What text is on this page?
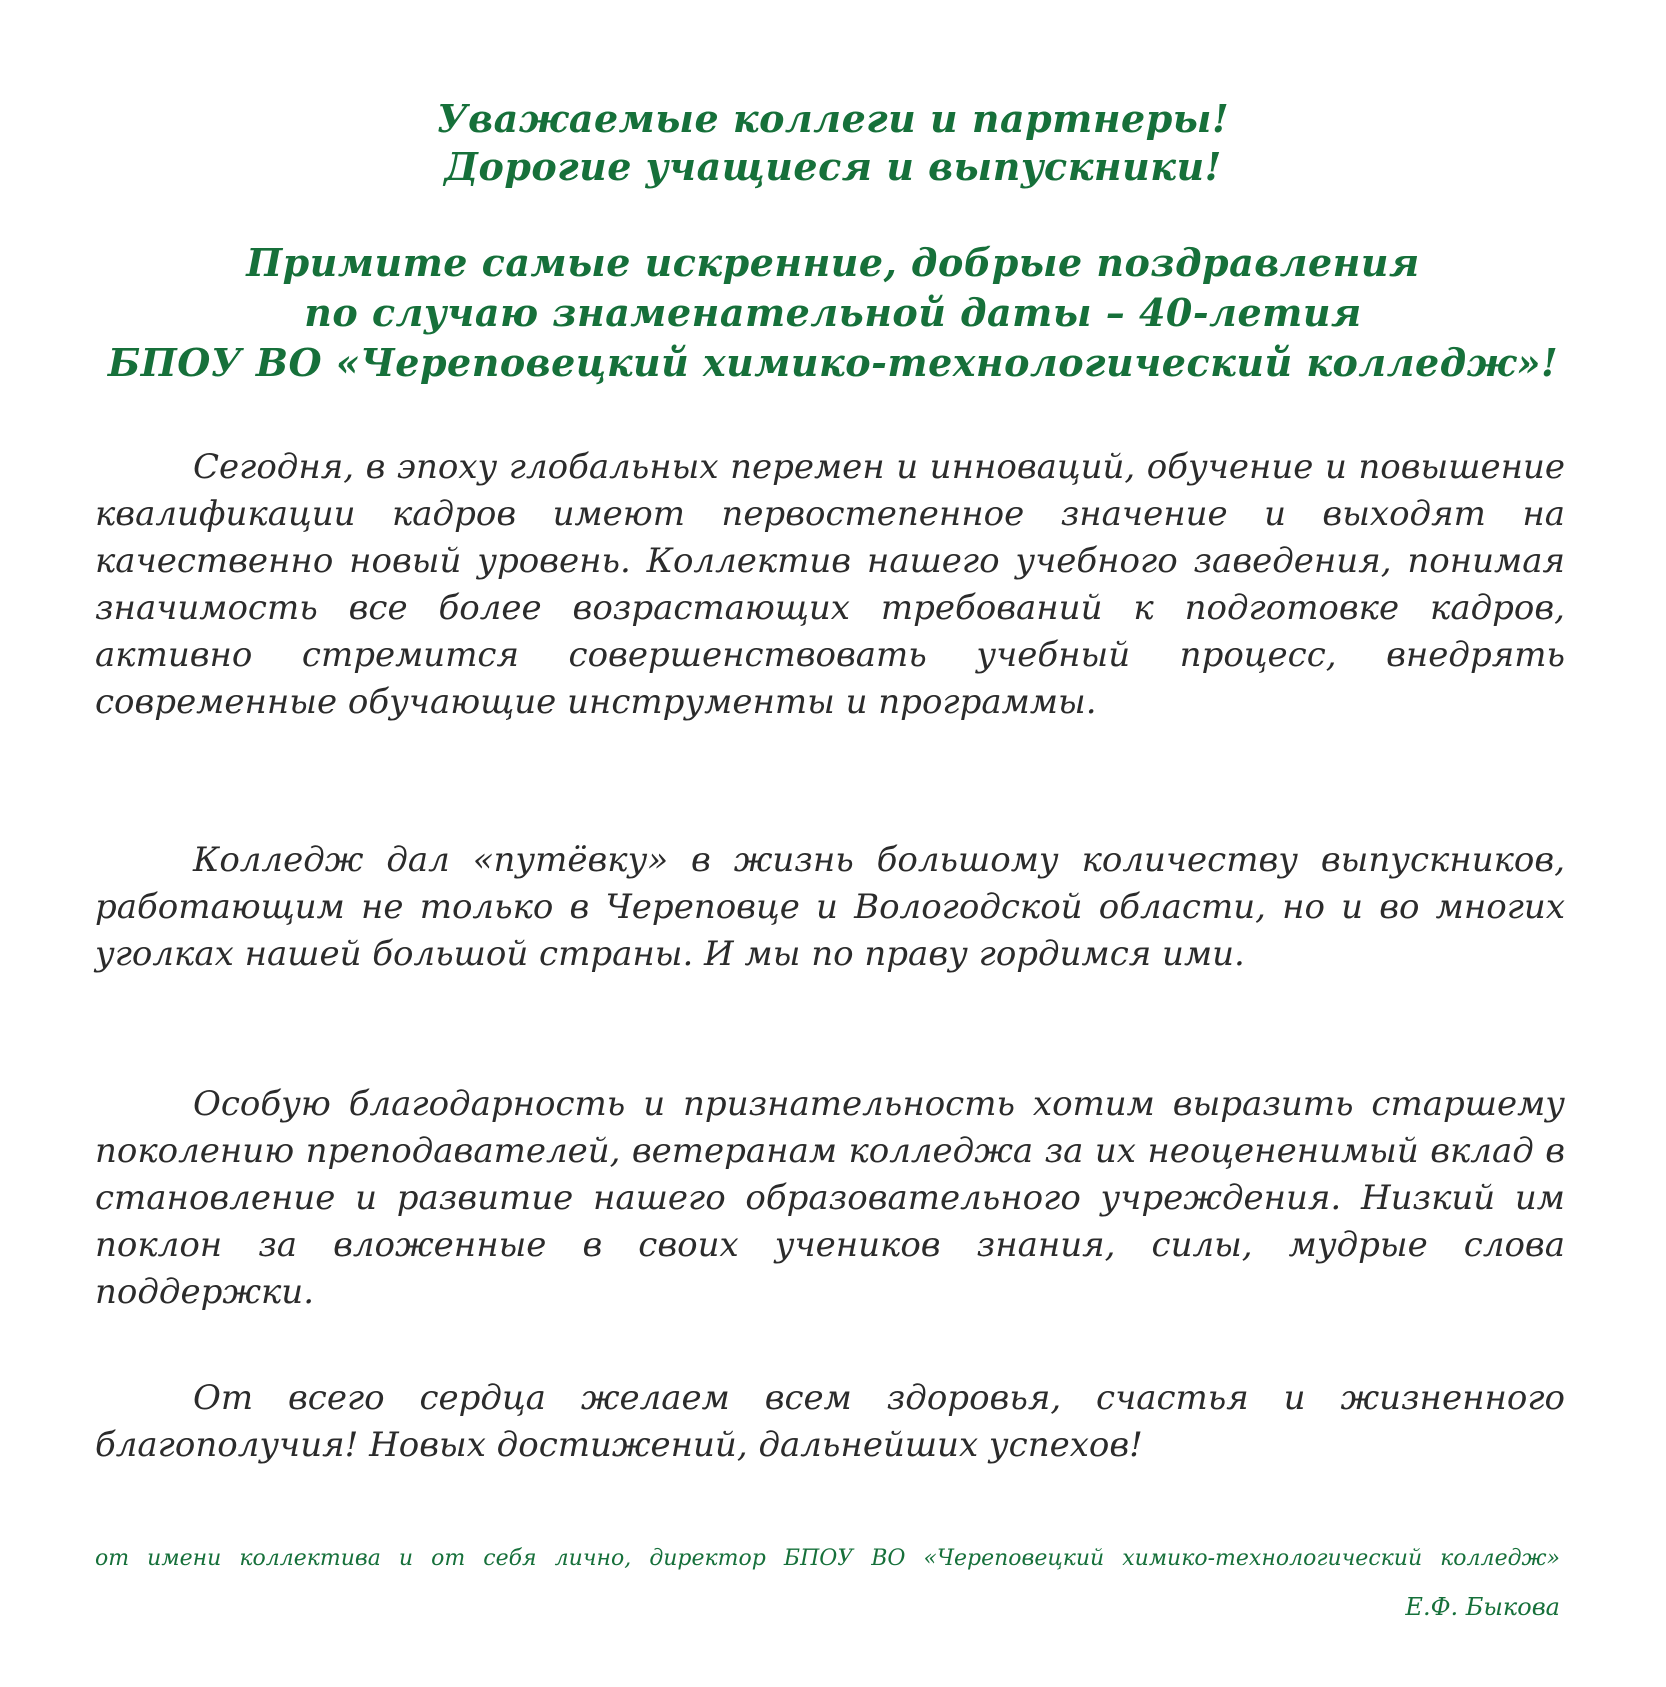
Уважаемые коллеги и партнеры!
Дорогие учащиеся и выпускники!
Примите самые искренние, добрые поздравления
по случаю знаменательной даты – 40-летия
БПОУ ВО «Череповецкий химико-технологический колледж»!

Сегодня, в эпоху глобальных перемен и инноваций, обучение и повышение квалификации кадров имеют первостепенное значение и выходят на качественно новый уровень. Коллектив нашего учебного заведения, понимая значимость все более возрастающих требований к подготовке кадров, активно стремится совершенствовать учебный процесс, внедрять современные обучающие инструменты и программы.

Колледж дал «путёвку» в жизнь большому количеству выпускников, работающим не только в Череповце и Вологодской области, но и во многих уголках нашей большой страны. И мы по праву гордимся ими.

Особую благодарность и признательность хотим выразить старшему поколению преподавателей, ветеранам колледжа за их неоцененимый вклад в становление и развитие нашего образовательного учреждения. Низкий им поклон за вложенные в своих учеников знания, силы, мудрые слова поддержки.

От всего сердца желаем всем здоровья, счастья и жизненного благополучия! Новых достижений, дальнейших успехов!

от имени коллектива и от себя лично, директор БПОУ ВО «Череповецкий химико-технологический колледж»
Е.Ф. Быкова
